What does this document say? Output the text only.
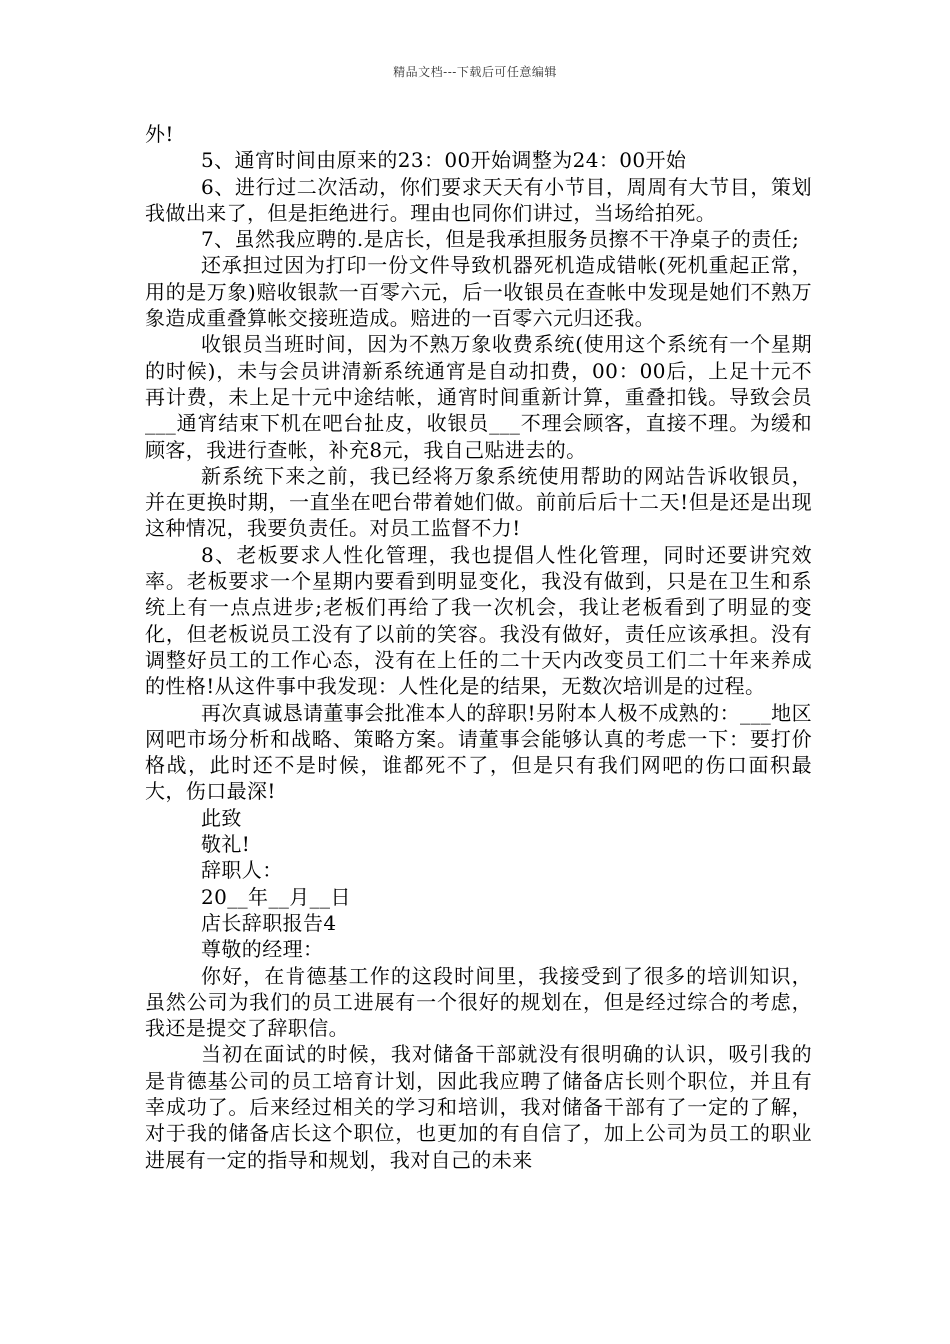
精品文档---下载后可任意编辑

外!

5、通宵时间由原来的23：00开始调整为24：00开始

6、进行过二次活动，你们要求天天有小节目，周周有大节目，策划我做出来了，但是拒绝进行。理由也同你们讲过，当场给拍死。

7、虽然我应聘的.是店长，但是我承担服务员擦不干净桌子的责任;

还承担过因为打印一份文件导致机器死机造成错帐(死机重起正常，用的是万象)赔收银款一百零六元，后一收银员在查帐中发现是她们不熟万象造成重叠算帐交接班造成。赔进的一百零六元归还我。

收银员当班时间，因为不熟万象收费系统(使用这个系统有一个星期的时候)，未与会员讲清新系统通宵是自动扣费，00：00后，上足十元不再计费，未上足十元中途结帐，通宵时间重新计算，重叠扣钱。导致会员___通宵结束下机在吧台扯皮，收银员___不理会顾客，直接不理。为缓和顾客，我进行查帐，补充8元，我自己贴进去的。

新系统下来之前，我已经将万象系统使用帮助的网站告诉收银员，并在更换时期，一直坐在吧台带着她们做。前前后后十二天!但是还是出现这种情况，我要负责任。对员工监督不力!

8、老板要求人性化管理，我也提倡人性化管理，同时还要讲究效率。老板要求一个星期内要看到明显变化，我没有做到，只是在卫生和系统上有一点点进步;老板们再给了我一次机会，我让老板看到了明显的变化，但老板说员工没有了以前的笑容。我没有做好，责任应该承担。没有调整好员工的工作心态，没有在上任的二十天内改变员工们二十年来养成的性格!从这件事中我发现：人性化是的结果，无数次培训是的过程。

再次真诚恳请董事会批准本人的辞职!另附本人极不成熟的：___地区网吧市场分析和战略、策略方案。请董事会能够认真的考虑一下：要打价格战，此时还不是时候，谁都死不了，但是只有我们网吧的伤口面积最大，伤口最深!

此致

敬礼!

辞职人：

20__年__月__日

店长辞职报告4

尊敬的经理：

你好，在肯德基工作的这段时间里，我接受到了很多的培训知识，虽然公司为我们的员工进展有一个很好的规划在，但是经过综合的考虑，我还是提交了辞职信。

当初在面试的时候，我对储备干部就没有很明确的认识，吸引我的是肯德基公司的员工培育计划，因此我应聘了储备店长则个职位，并且有幸成功了。后来经过相关的学习和培训，我对储备干部有了一定的了解，对于我的储备店长这个职位，也更加的有自信了，加上公司为员工的职业进展有一定的指导和规划，我对自己的未来
